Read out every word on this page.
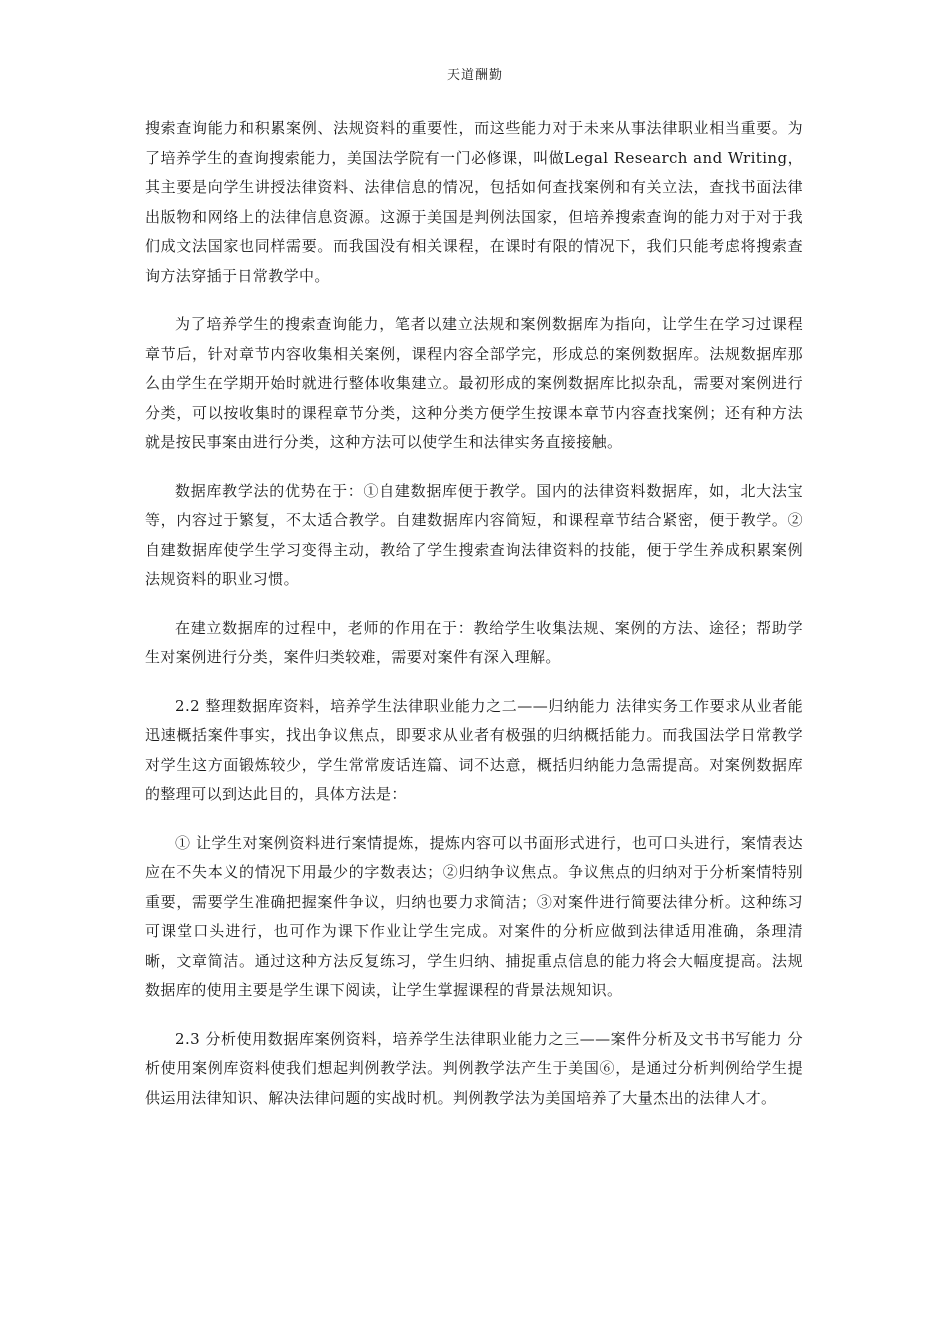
天道酬勤

搜索查询能力和积累案例、法规资料的重要性，而这些能力对于未来从事法律职业相当重要。为了培养学生的查询搜索能力，美国法学院有一门必修课，叫做Legal Research and Writing，其主要是向学生讲授法律资料、法律信息的情况，包括如何查找案例和有关立法，查找书面法律出版物和网络上的法律信息资源。这源于美国是判例法国家，但培养搜索查询的能力对于对于我们成文法国家也同样需要。而我国没有相关课程，在课时有限的情况下，我们只能考虑将搜索查询方法穿插于日常教学中。

为了培养学生的搜索查询能力，笔者以建立法规和案例数据库为指向，让学生在学习过课程章节后，针对章节内容收集相关案例，课程内容全部学完，形成总的案例数据库。法规数据库那么由学生在学期开始时就进行整体收集建立。最初形成的案例数据库比拟杂乱，需要对案例进行分类，可以按收集时的课程章节分类，这种分类方便学生按课本章节内容查找案例；还有种方法就是按民事案由进行分类，这种方法可以使学生和法律实务直接接触。

数据库教学法的优势在于：①自建数据库便于教学。国内的法律资料数据库，如，北大法宝等，内容过于繁复，不太适合教学。自建数据库内容简短，和课程章节结合紧密，便于教学。②自建数据库使学生学习变得主动，教给了学生搜索查询法律资料的技能，便于学生养成积累案例法规资料的职业习惯。

在建立数据库的过程中，老师的作用在于：教给学生收集法规、案例的方法、途径；帮助学生对案例进行分类，案件归类较难，需要对案件有深入理解。

2.2 整理数据库资料，培养学生法律职业能力之二——归纳能力 法律实务工作要求从业者能迅速概括案件事实，找出争议焦点，即要求从业者有极强的归纳概括能力。而我国法学日常教学对学生这方面锻炼较少，学生常常废话连篇、词不达意，概括归纳能力急需提高。对案例数据库的整理可以到达此目的，具体方法是：

① 让学生对案例资料进行案情提炼，提炼内容可以书面形式进行，也可口头进行，案情表达应在不失本义的情况下用最少的字数表达；②归纳争议焦点。争议焦点的归纳对于分析案情特别重要，需要学生准确把握案件争议，归纳也要力求简洁；③对案件进行简要法律分析。这种练习可课堂口头进行，也可作为课下作业让学生完成。对案件的分析应做到法律适用准确，条理清晰，文章简洁。通过这种方法反复练习，学生归纳、捕捉重点信息的能力将会大幅度提高。法规数据库的使用主要是学生课下阅读，让学生掌握课程的背景法规知识。

2.3 分析使用数据库案例资料，培养学生法律职业能力之三——案件分析及文书书写能力 分析使用案例库资料使我们想起判例教学法。判例教学法产生于美国⑥，是通过分析判例给学生提供运用法律知识、解决法律问题的实战时机。判例教学法为美国培养了大量杰出的法律人才。
